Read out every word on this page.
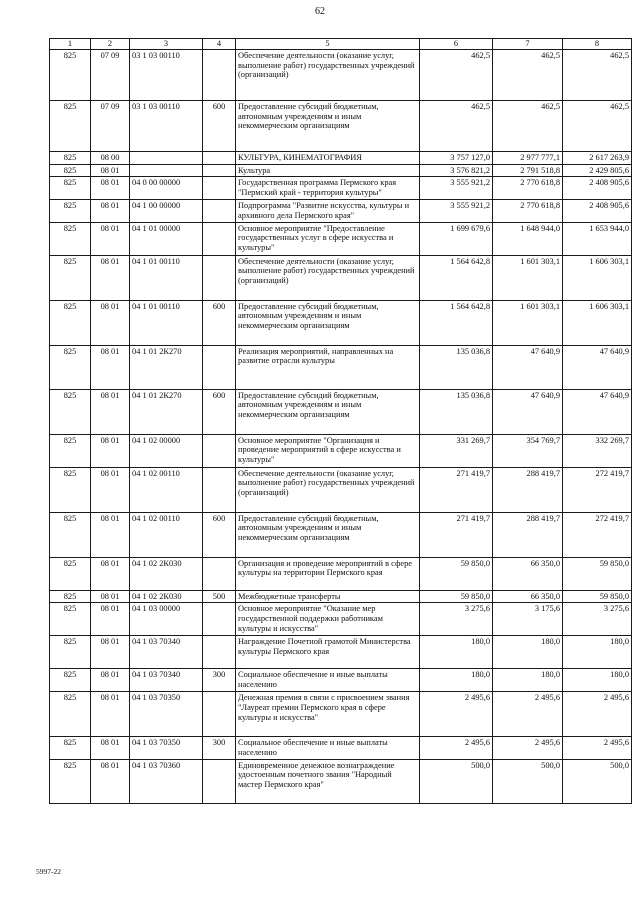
62
1	2	3	4	5	6	7	8
825	07 09	03 1 03 00110		Обеспечение деятельности (оказание услуг, выполнение работ) государственных учреждений (организаций)	462,5	462,5	462,5
825	07 09	03 1 03 00110	600	Предоставление субсидий бюджетным, автономным учреждениям и иным некоммерческим организациям	462,5	462,5	462,5
825	08 00			КУЛЬТУРА, КИНЕМАТОГРАФИЯ	3 757 127,0	2 977 777,1	2 617 263,9
825	08 01			Культура	3 576 821,2	2 791 518,8	2 429 805,6
825	08 01	04 0 00 00000		Государственная программа Пермского края "Пермский край - территория культуры"	3 555 921,2	2 770 618,8	2 408 905,6
825	08 01	04 1 00 00000		Подпрограмма "Развитие искусства, культуры и архивного дела Пермского края"	3 555 921,2	2 770 618,8	2 408 905,6
825	08 01	04 1 01 00000		Основное мероприятие "Предоставление государственных услуг в сфере искусства и культуры"	1 699 679,6	1 648 944,0	1 653 944,0
825	08 01	04 1 01 00110		Обеспечение деятельности (оказание услуг, выполнение работ) государственных учреждений (организаций)	1 564 642,8	1 601 303,1	1 606 303,1
825	08 01	04 1 01 00110	600	Предоставление субсидий бюджетным, автономным учреждениям и иным некоммерческим организациям	1 564 642,8	1 601 303,1	1 606 303,1
825	08 01	04 1 01 2К270		Реализация мероприятий, направленных на развитие отрасли культуры	135 036,8	47 640,9	47 640,9
825	08 01	04 1 01 2К270	600	Предоставление субсидий бюджетным, автономным учреждениям и иным некоммерческим организациям	135 036,8	47 640,9	47 640,9
825	08 01	04 1 02 00000		Основное мероприятие "Организация и проведение мероприятий в сфере искусства и культуры"	331 269,7	354 769,7	332 269,7
825	08 01	04 1 02 00110		Обеспечение деятельности (оказание услуг, выполнение работ) государственных учреждений (организаций)	271 419,7	288 419,7	272 419,7
825	08 01	04 1 02 00110	600	Предоставление субсидий бюджетным, автономным учреждениям и иным некоммерческим организациям	271 419,7	288 419,7	272 419,7
825	08 01	04 1 02 2К030		Организация и проведение мероприятий в сфере культуры на территории Пермского края	59 850,0	66 350,0	59 850,0
825	08 01	04 1 02 2К030	500	Межбюджетные трансферты	59 850,0	66 350,0	59 850,0
825	08 01	04 1 03 00000		Основное мероприятие "Оказание мер государственной поддержки работникам культуры и искусства"	3 275,6	3 175,6	3 275,6
825	08 01	04 1 03 70340		Награждение Почетной грамотой Министерства культуры Пермского края	180,0	180,0	180,0
825	08 01	04 1 03 70340	300	Социальное обеспечение и иные выплаты населению	180,0	180,0	180,0
825	08 01	04 1 03 70350		Денежная премия в связи с присвоением звания "Лауреат премии Пермского края в сфере культуры и искусства"	2 495,6	2 495,6	2 495,6
825	08 01	04 1 03 70350	300	Социальное обеспечение и иные выплаты населению	2 495,6	2 495,6	2 495,6
825	08 01	04 1 03 70360		Единовременное денежное вознаграждение удостоенным почетного звания "Народный мастер Пермского края"	500,0	500,0	500,0
5997-22
